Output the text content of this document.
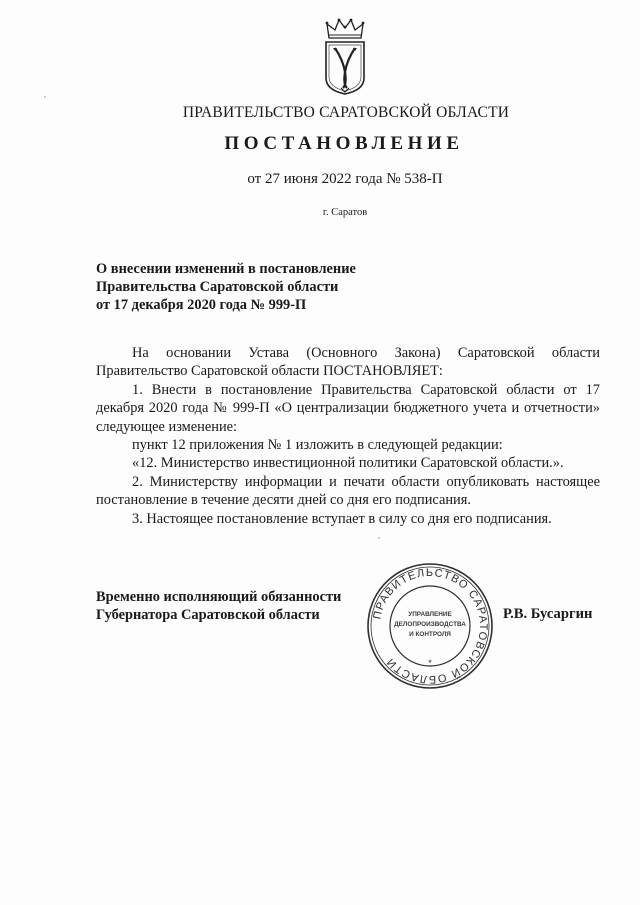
ПРАВИТЕЛЬСТВО САРАТОВСКОЙ ОБЛАСТИ
ПОСТАНОВЛЕНИЕ
от 27 июня 2022 года № 538-П
г. Саратов
О внесении изменений в постановление
Правительства Саратовской области
от 17 декабря 2020 года № 999-П

На основании Устава (Основного Закона) Саратовской области Правительство Саратовской области ПОСТАНОВЛЯЕТ:

1. Внести в постановление Правительства Саратовской области от 17 декабря 2020 года № 999-П «О централизации бюджетного учета и отчетности» следующее изменение:

пункт 12 приложения № 1 изложить в следующей редакции:

«12. Министерство инвестиционной политики Саратовской области.».

2. Министерству информации и печати области опубликовать настоящее постановление в течение десяти дней со дня его подписания.

3. Настоящее постановление вступает в силу со дня его подписания.

Временно исполняющий обязанности
Губернатора Саратовской области	ПРАВИТЕЛЬСТВО САРАТОВСКОЙ ОБЛАСТИ	*
УПРАВЛЕНИЕ
ДЕЛОПРОИЗВОДСТВА
И КОНТРОЛЯ
Р.В. Бусаргин
